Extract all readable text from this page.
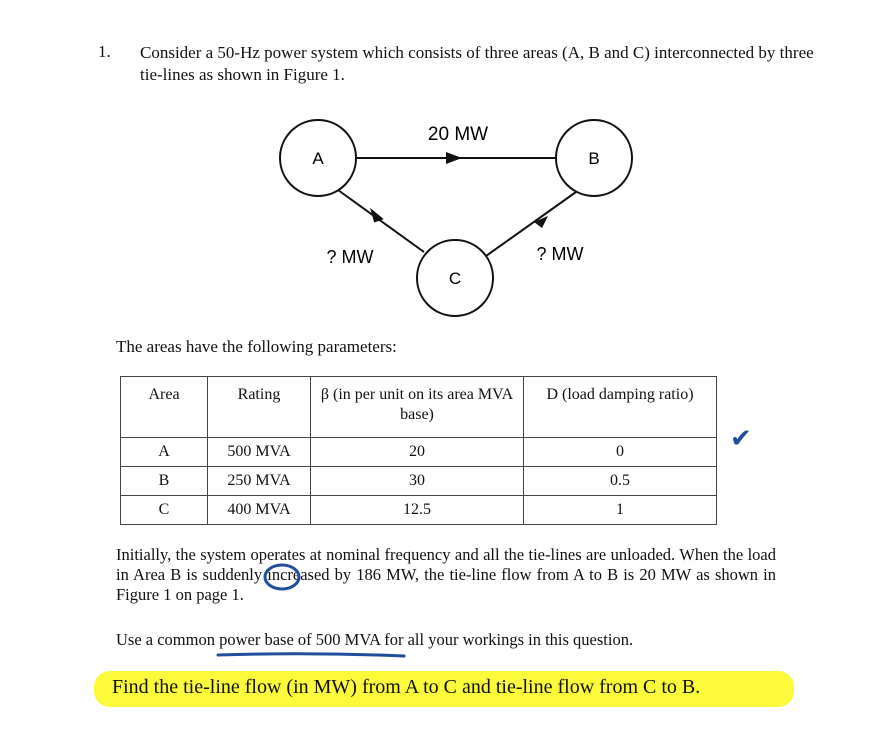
1. Consider a 50-Hz power system which consists of three areas (A, B and C) interconnected by three tie-lines as shown in Figure 1.
A	B
C
20 MW
? MW	? MW
The areas have the following parameters:
Area	Rating	β (in per unit on its area MVA base)	D (load damping ratio)
A	500 MVA	20	0
B	250 MVA	30	0.5
C	400 MVA	12.5	1
✔
Initially, the system operates at nominal frequency and all the tie-lines are unloaded. When the load in Area B is suddenly increased by 186 MW, the tie-line flow from A to B is 20 MW as shown in Figure 1 on page 1.
Use a common power base of 500 MVA for all your workings in this question.
Find the tie-line flow (in MW) from A to C and tie-line flow from C to B.
